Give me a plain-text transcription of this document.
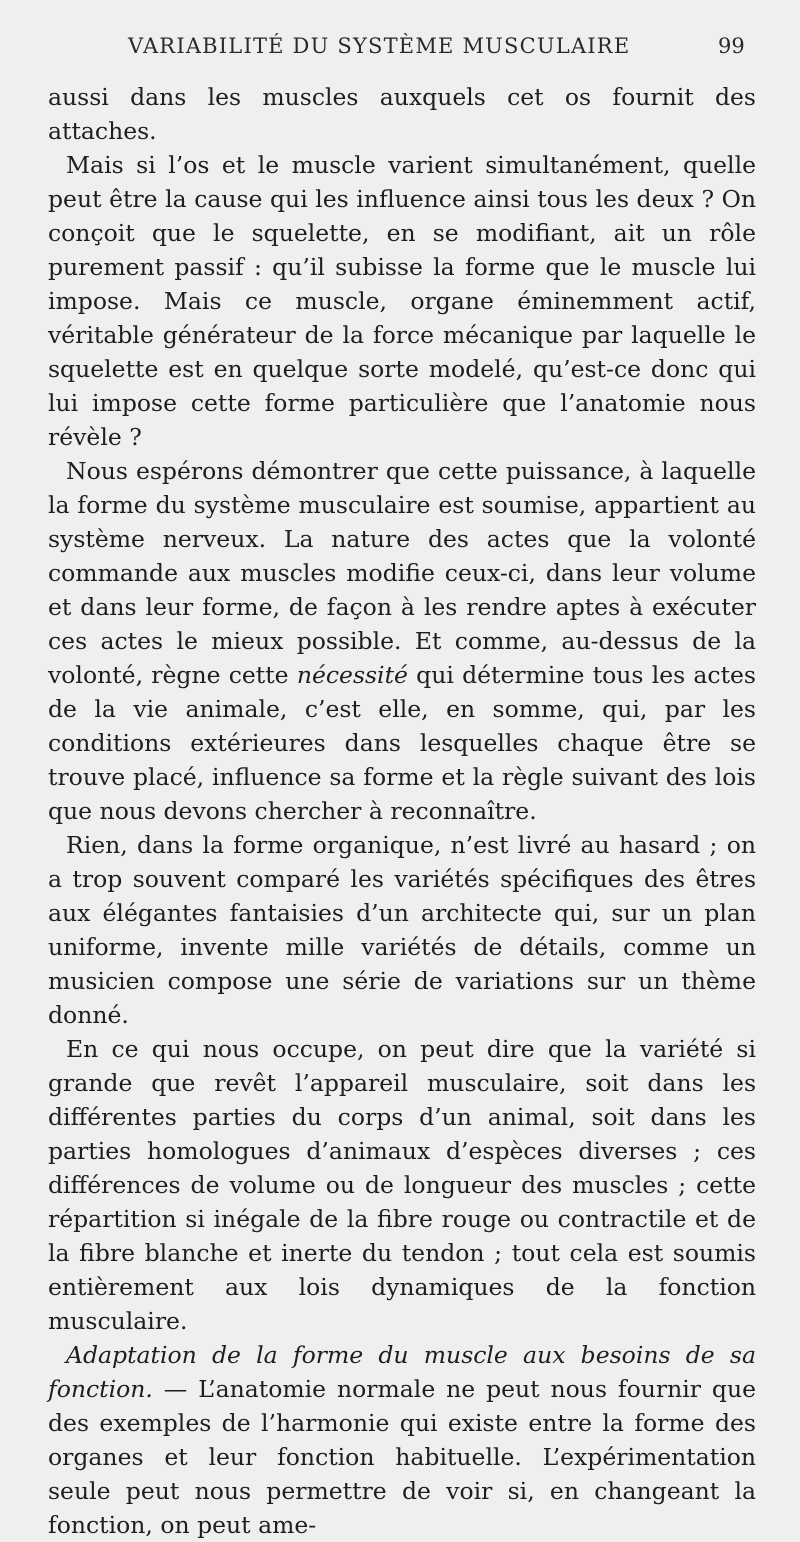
VARIABILITÉ DU SYSTÈME MUSCULAIRE	99

aussi dans les muscles auxquels cet os fournit des attaches.

Mais si l’os et le muscle varient simultanément, quelle peut être la cause qui les influence ainsi tous les deux ? On conçoit que le squelette, en se modifiant, ait un rôle purement passif : qu’il subisse la forme que le muscle lui impose. Mais ce muscle, organe éminemment actif, véritable générateur de la force mécanique par laquelle le squelette est en quelque sorte modelé, qu’est-ce donc qui lui impose cette forme particulière que l’anatomie nous révèle ?

Nous espérons démontrer que cette puissance, à laquelle la forme du système musculaire est soumise, appartient au système nerveux. La nature des actes que la volonté commande aux muscles modifie ceux-ci, dans leur volume et dans leur forme, de façon à les rendre aptes à exécuter ces actes le mieux possible. Et comme, au-dessus de la volonté, règne cette nécessité qui détermine tous les actes de la vie animale, c’est elle, en somme, qui, par les conditions extérieures dans lesquelles chaque être se trouve placé, influence sa forme et la règle suivant des lois que nous devons chercher à reconnaître.

Rien, dans la forme organique, n’est livré au hasard ; on a trop souvent comparé les variétés spécifiques des êtres aux élégantes fantaisies d’un architecte qui, sur un plan uniforme, invente mille variétés de détails, comme un musicien compose une série de variations sur un thème donné.

En ce qui nous occupe, on peut dire que la variété si grande que revêt l’appareil musculaire, soit dans les différentes parties du corps d’un animal, soit dans les parties homologues d’animaux d’espèces diverses ; ces différences de volume ou de longueur des muscles ; cette répartition si inégale de la fibre rouge ou contractile et de la fibre blanche et inerte du tendon ; tout cela est soumis entièrement aux lois dynamiques de la fonction musculaire.

Adaptation de la forme du muscle aux besoins de sa fonction. — L’anatomie normale ne peut nous fournir que des exemples de l’harmonie qui existe entre la forme des organes et leur fonction habituelle. L’expérimentation seule peut nous permettre de voir si, en changeant la fonction, on peut ame-
